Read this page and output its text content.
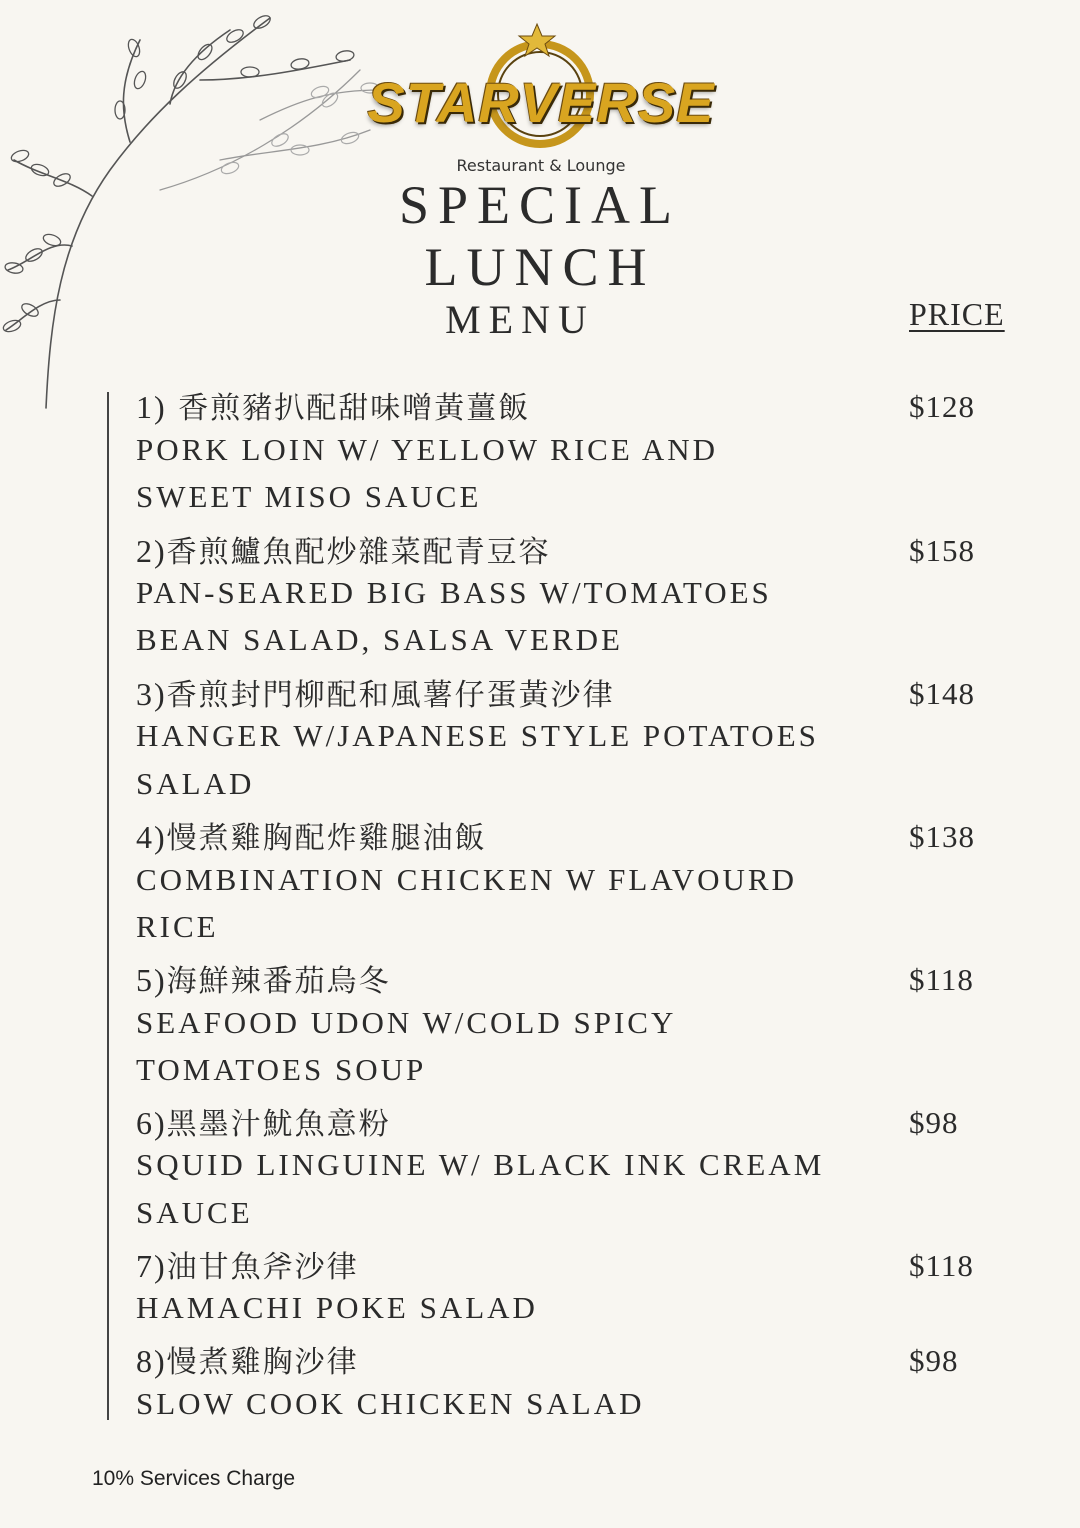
STARVERSE
Restaurant & Lounge
SPECIAL
LUNCH
MENU	PRICE
1) 香煎豬扒配甜味噌黃薑飯	$128
PORK LOIN W/ YELLOW RICE AND
SWEET MISO SAUCE
2)香煎鱸魚配炒雜菜配青豆容	$158
PAN-SEARED BIG BASS W/TOMATOES
BEAN SALAD, SALSA VERDE
3)香煎封門柳配和風薯仔蛋黃沙律	$148
HANGER W/JAPANESE STYLE POTATOES
SALAD
4)慢煮雞胸配炸雞腿油飯	$138
COMBINATION CHICKEN W FLAVOURD
RICE
5)海鮮辣番茄烏冬	$118
SEAFOOD UDON W/COLD SPICY
TOMATOES SOUP
6)黑墨汁魷魚意粉	$98
SQUID LINGUINE W/ BLACK INK CREAM
SAUCE
7)油甘魚斧沙律	$118
HAMACHI POKE SALAD
8)慢煮雞胸沙律	$98
SLOW COOK CHICKEN SALAD
10% Services Charge
